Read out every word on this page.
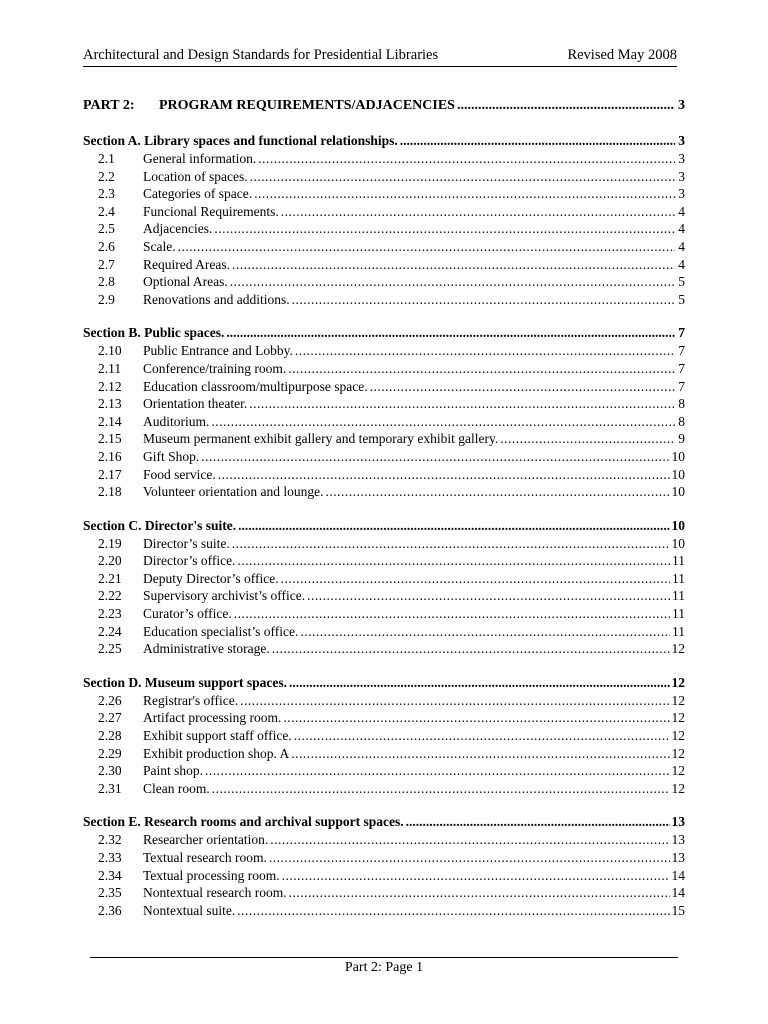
Architectural and Design Standards for Presidential Libraries	Revised May 2008
PART 2:	PROGRAM REQUIREMENTS/ADJACENCIES .....	3
Section A. Library spaces and functional relationships. .....	3
2.1	General information. .....	3
2.2	Location of spaces. .....	3
2.3	Categories of space. .....	3
2.4	Funcional Requirements. .....	4
2.5	Adjacencies. .....	4
2.6	Scale. .....	4
2.7	Required Areas. .....	4
2.8	Optional Areas. .....	5
2.9	Renovations and additions. .....	5
Section B. Public spaces. .....	7
2.10	Public Entrance and Lobby. .....	7
2.11	Conference/training room. .....	7
2.12	Education classroom/multipurpose space. .....	7
2.13	Orientation theater. .....	8
2.14	Auditorium. .....	8
2.15	Museum permanent exhibit gallery and temporary exhibit gallery. .....	9
2.16	Gift Shop. .....	10
2.17	Food service. .....	10
2.18	Volunteer orientation and lounge. .....	10
Section C. Director's suite. .....	10
2.19	Director’s suite. .....	10
2.20	Director’s office. .....	11
2.21	Deputy Director’s office. .....	11
2.22	Supervisory archivist’s office. .....	11
2.23	Curator’s office. .....	11
2.24	Education specialist’s office. .....	11
2.25	Administrative storage. .....	12
Section D. Museum support spaces. .....	12
2.26	Registrar's office. .....	12
2.27	Artifact processing room. .....	12
2.28	Exhibit support staff office. .....	12
2.29	Exhibit production shop. A .....	12
2.30	Paint shop. .....	12
2.31	Clean room. .....	12
Section E. Research rooms and archival support spaces. .....	13
2.32	Researcher orientation. .....	13
2.33	Textual research room. .....	13
2.34	Textual processing room. .....	14
2.35	Nontextual research room. .....	14
2.36	Nontextual suite. .....	15
Part 2: Page 1
